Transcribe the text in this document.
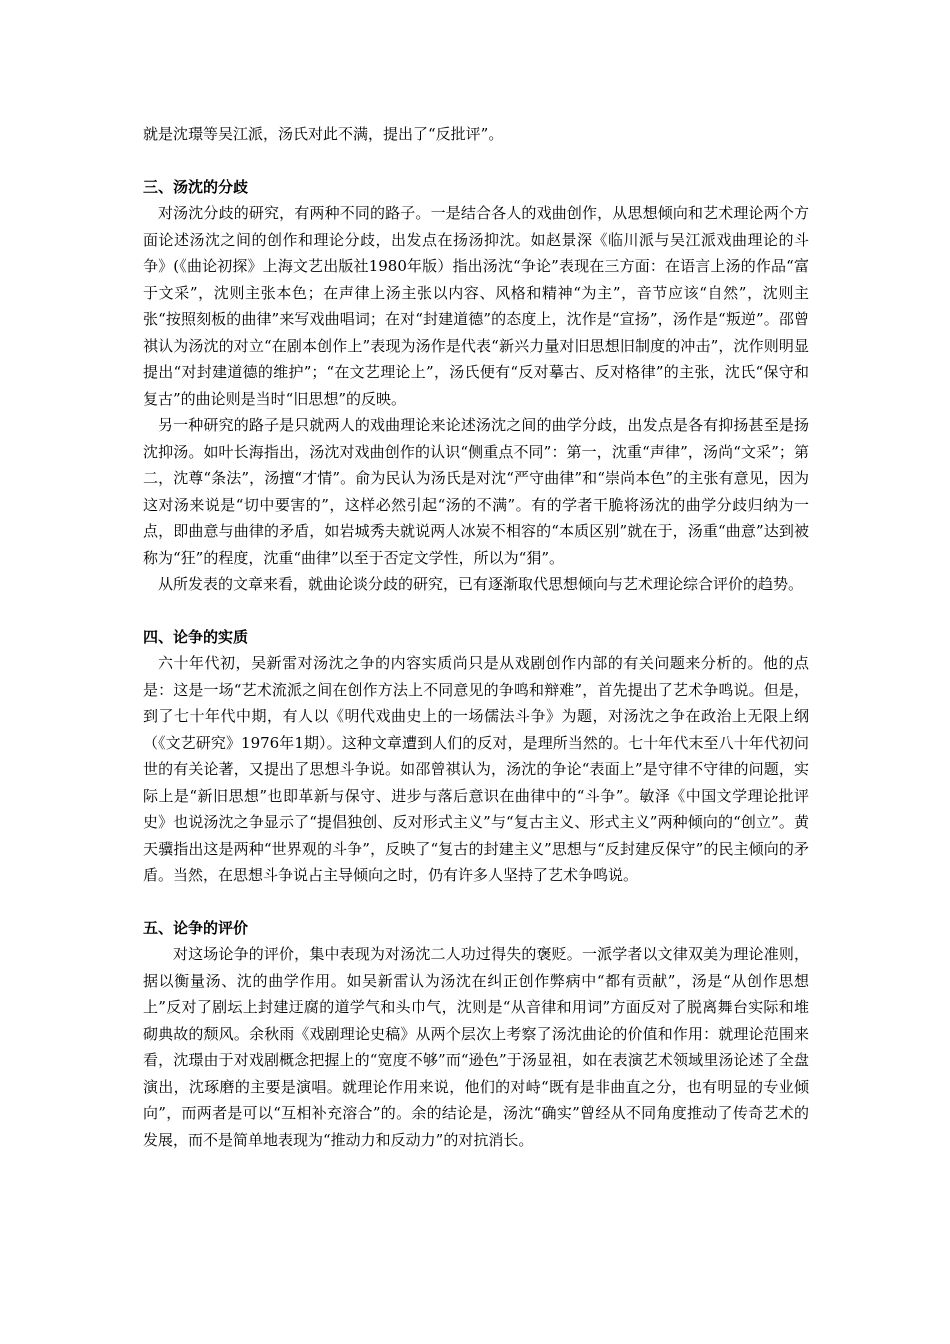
就是沈璟等吴江派，汤氏对此不满，提出了“反批评”。

三、汤沈的分歧

对汤沈分歧的研究，有两种不同的路子。一是结合各人的戏曲创作，从思想倾向和艺术理论两个方面论述汤沈之间的创作和理论分歧，出发点在扬汤抑沈。如赵景深《临川派与吴江派戏曲理论的斗争》(《曲论初探》上海文艺出版社1980年版）指出汤沈“争论”表现在三方面：在语言上汤的作品“富于文采”，沈则主张本色；在声律上汤主张以内容、风格和精神“为主”，音节应该“自然”，沈则主张“按照刻板的曲律”来写戏曲唱词；在对“封建道德”的态度上，沈作是“宣扬”，汤作是“叛逆”。邵曾祺认为汤沈的对立“在剧本创作上”表现为汤作是代表“新兴力量对旧思想旧制度的冲击”，沈作则明显提出“对封建道德的维护”；“在文艺理论上”，汤氏便有“反对摹古、反对格律”的主张，沈氏“保守和复古”的曲论则是当时“旧思想”的反映。

另一种研究的路子是只就两人的戏曲理论来论述汤沈之间的曲学分歧，出发点是各有抑扬甚至是扬沈抑汤。如叶长海指出，汤沈对戏曲创作的认识“侧重点不同”：第一，沈重“声律”，汤尚“文采”；第二，沈尊“条法”，汤擅“才情”。俞为民认为汤氏是对沈“严守曲律”和“崇尚本色”的主张有意见，因为这对汤来说是“切中要害的”，这样必然引起“汤的不满”。有的学者干脆将汤沈的曲学分歧归纳为一点，即曲意与曲律的矛盾，如岩城秀夫就说两人冰炭不相容的“本质区别”就在于，汤重“曲意”达到被称为“狂”的程度，沈重“曲律”以至于否定文学性，所以为“狷”。

从所发表的文章来看，就曲论谈分歧的研究，已有逐渐取代思想倾向与艺术理论综合评价的趋势。

四、论争的实质

六十年代初，吴新雷对汤沈之争的内容实质尚只是从戏剧创作内部的有关问题来分析的。他的点是：这是一场“艺术流派之间在创作方法上不同意见的争鸣和辩难”，首先提出了艺术争鸣说。但是，到了七十年代中期，有人以《明代戏曲史上的一场儒法斗争》为题，对汤沈之争在政治上无限上纲（《文艺研究》1976年1期）。这种文章遭到人们的反对，是理所当然的。七十年代末至八十年代初问世的有关论著，又提出了思想斗争说。如邵曾祺认为，汤沈的争论“表面上”是守律不守律的问题，实际上是“新旧思想”也即革新与保守、进步与落后意识在曲律中的“斗争”。敏泽《中国文学理论批评史》也说汤沈之争显示了“提倡独创、反对形式主义”与“复古主义、形式主义”两种倾向的“创立”。黄天骥指出这是两种“世界观的斗争”，反映了“复古的封建主义”思想与“反封建反保守”的民主倾向的矛盾。当然，在思想斗争说占主导倾向之时，仍有许多人坚持了艺术争鸣说。

五、论争的评价

对这场论争的评价，集中表现为对汤沈二人功过得失的褒贬。一派学者以文律双美为理论准则，据以衡量汤、沈的曲学作用。如吴新雷认为汤沈在纠正创作弊病中“都有贡献”，汤是“从创作思想上”反对了剧坛上封建迂腐的道学气和头巾气，沈则是“从音律和用词”方面反对了脱离舞台实际和堆砌典故的颓风。余秋雨《戏剧理论史稿》从两个层次上考察了汤沈曲论的价值和作用：就理论范围来看，沈璟由于对戏剧概念把握上的“宽度不够”而“逊色”于汤显祖，如在表演艺术领域里汤论述了全盘演出，沈琢磨的主要是演唱。就理论作用来说，他们的对峙“既有是非曲直之分，也有明显的专业倾向”，而两者是可以“互相补充溶合”的。余的结论是，汤沈“确实”曾经从不同角度推动了传奇艺术的发展，而不是简单地表现为“推动力和反动力”的对抗消长。
